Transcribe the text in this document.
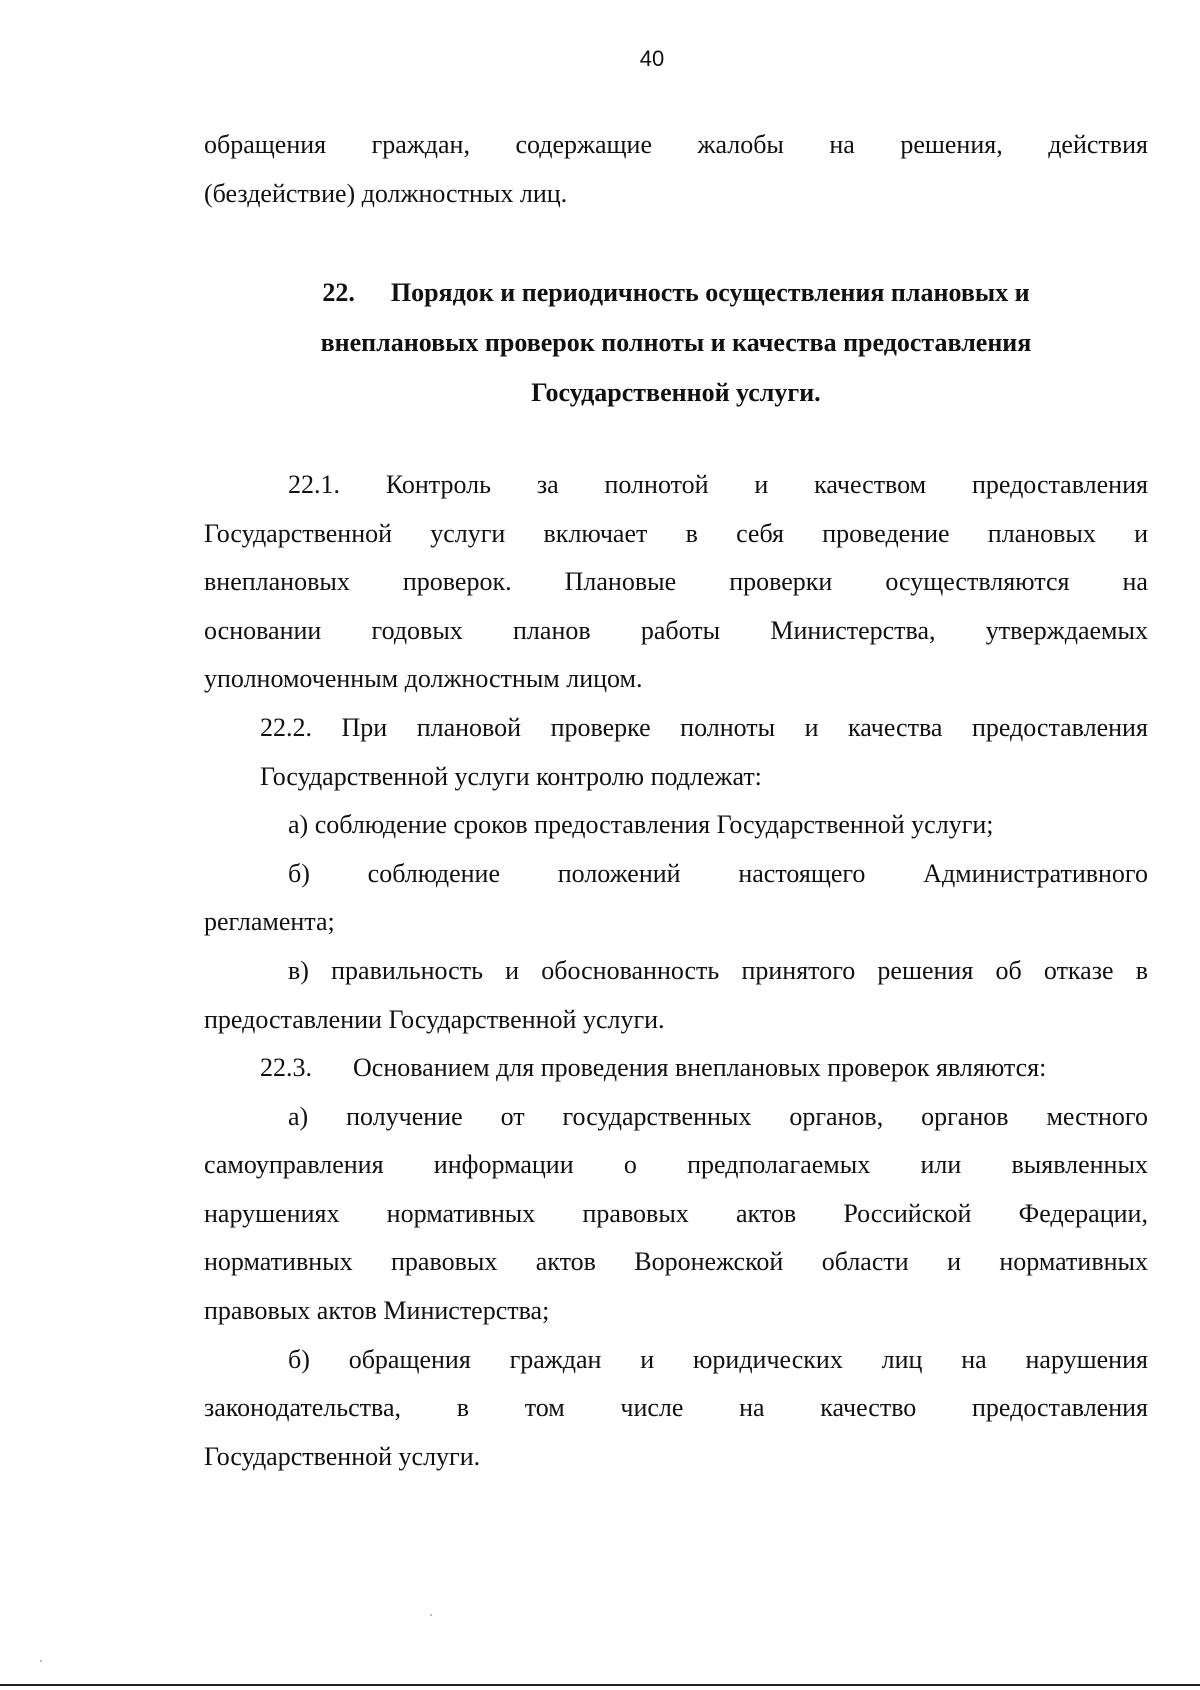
40
обращения граждан, содержащие жалобы на решения, действия
(бездействие) должностных лиц.
22. Порядок и периодичность осуществления плановых и
внеплановых проверок полноты и качества предоставления
Государственной услуги.
22.1. Контроль за полнотой и качеством предоставления
Государственной услуги включает в себя проведение плановых и
внеплановых проверок. Плановые проверки осуществляются на
основании годовых планов работы Министерства, утверждаемых
уполномоченным должностным лицом.
22.2. При плановой проверке полноты и качества предоставления
Государственной услуги контролю подлежат:
а) соблюдение сроков предоставления Государственной услуги;
б) соблюдение положений настоящего Административного
регламента;
в) правильность и обоснованность принятого решения об отказе в
предоставлении Государственной услуги.
22.3. Основанием для проведения внеплановых проверок являются:
а) получение от государственных органов, органов местного
самоуправления информации о предполагаемых или выявленных
нарушениях нормативных правовых актов Российской Федерации,
нормативных правовых актов Воронежской области и нормативных
правовых актов Министерства;
б) обращения граждан и юридических лиц на нарушения
законодательства, в том числе на качество предоставления
Государственной услуги.
